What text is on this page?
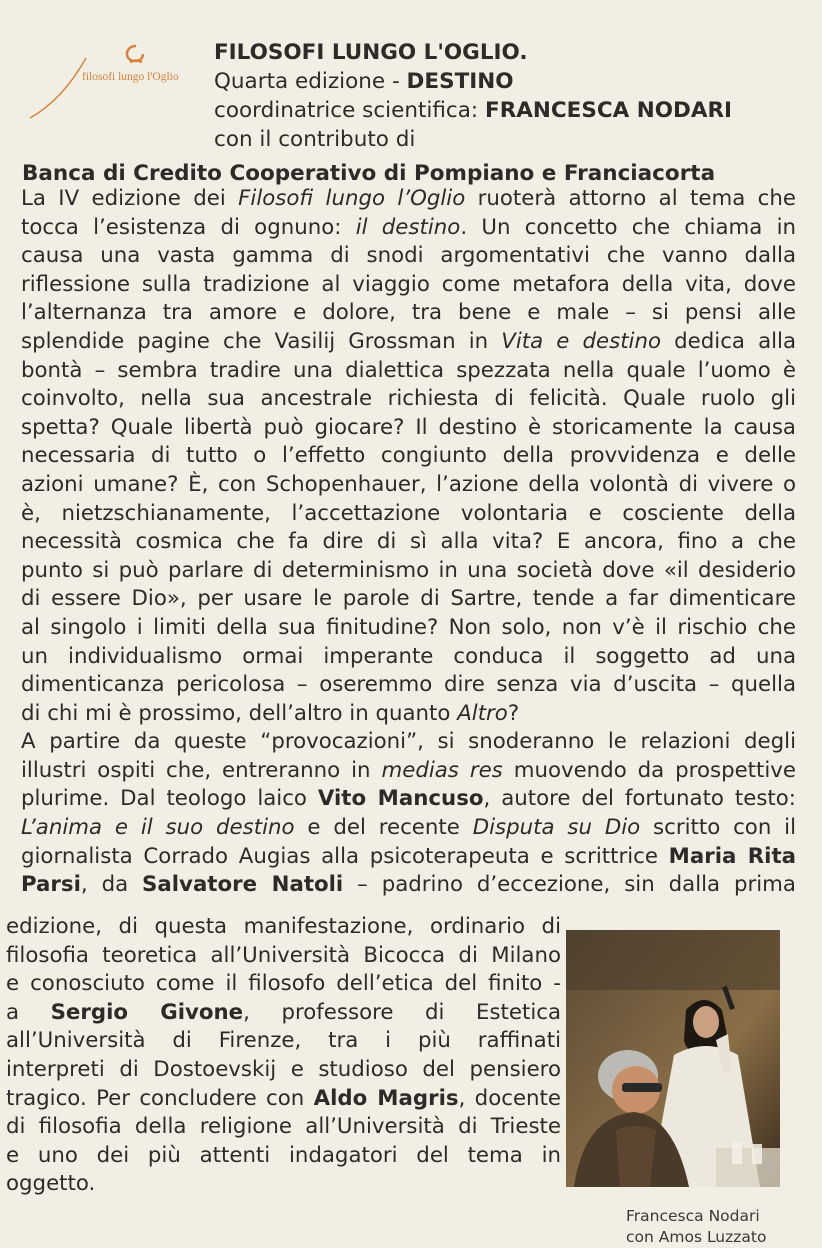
filosofi lungo l'Oglio
FILOSOFI LUNGO L'OGLIO.
Quarta edizione - DESTINO
coordinatrice scientifica: FRANCESCA NODARI
con il contributo di
Banca di Credito Cooperativo di Pompiano e Franciacorta

La IV edizione dei Filosofi lungo l’Oglio ruoterà attorno al tema che
tocca l’esistenza di ognuno: il destino. Un concetto che chiama in
causa una vasta gamma di snodi argomentativi che vanno dalla
riflessione sulla tradizione al viaggio come metafora della vita, dove
l’alternanza tra amore e dolore, tra bene e male – si pensi alle
splendide pagine che Vasilij Grossman in Vita e destino dedica alla
bontà – sembra tradire una dialettica spezzata nella quale l’uomo è
coinvolto, nella sua ancestrale richiesta di felicità. Quale ruolo gli
spetta? Quale libertà può giocare? Il destino è storicamente la causa
necessaria di tutto o l’effetto congiunto della provvidenza e delle
azioni umane? È, con Schopenhauer, l’azione della volontà di vivere o
è, nietzschianamente, l’accettazione volontaria e cosciente della
necessità cosmica che fa dire di sì alla vita? E ancora, fino a che
punto si può parlare di determinismo in una società dove «il desiderio
di essere Dio», per usare le parole di Sartre, tende a far dimenticare
al singolo i limiti della sua finitudine? Non solo, non v’è il rischio che
un individualismo ormai imperante conduca il soggetto ad una
dimenticanza pericolosa – oseremmo dire senza via d’uscita – quella
di chi mi è prossimo, dell’altro in quanto Altro?

A partire da queste “provocazioni”, si snoderanno le relazioni degli
illustri ospiti che, entreranno in medias res muovendo da prospettive
plurime. Dal teologo laico Vito Mancuso, autore del fortunato testo:
L’anima e il suo destino e del recente Disputa su Dio scritto con il
giornalista Corrado Augias alla psicoterapeuta e scrittrice Maria Rita
Parsi, da Salvatore Natoli – padrino d’eccezione, sin dalla prima

edizione, di questa manifestazione, ordinario di
filosofia teoretica all’Università Bicocca di Milano
e conosciuto come il filosofo dell’etica del finito -
a Sergio Givone, professore di Estetica
all’Università di Firenze, tra i più raffinati
interpreti di Dostoevskij e studioso del pensiero
tragico. Per concludere con Aldo Magris, docente
di filosofia della religione all’Università di Trieste
e uno dei più attenti indagatori del tema in
oggetto.
Francesca Nodari
con Amos Luzzato
